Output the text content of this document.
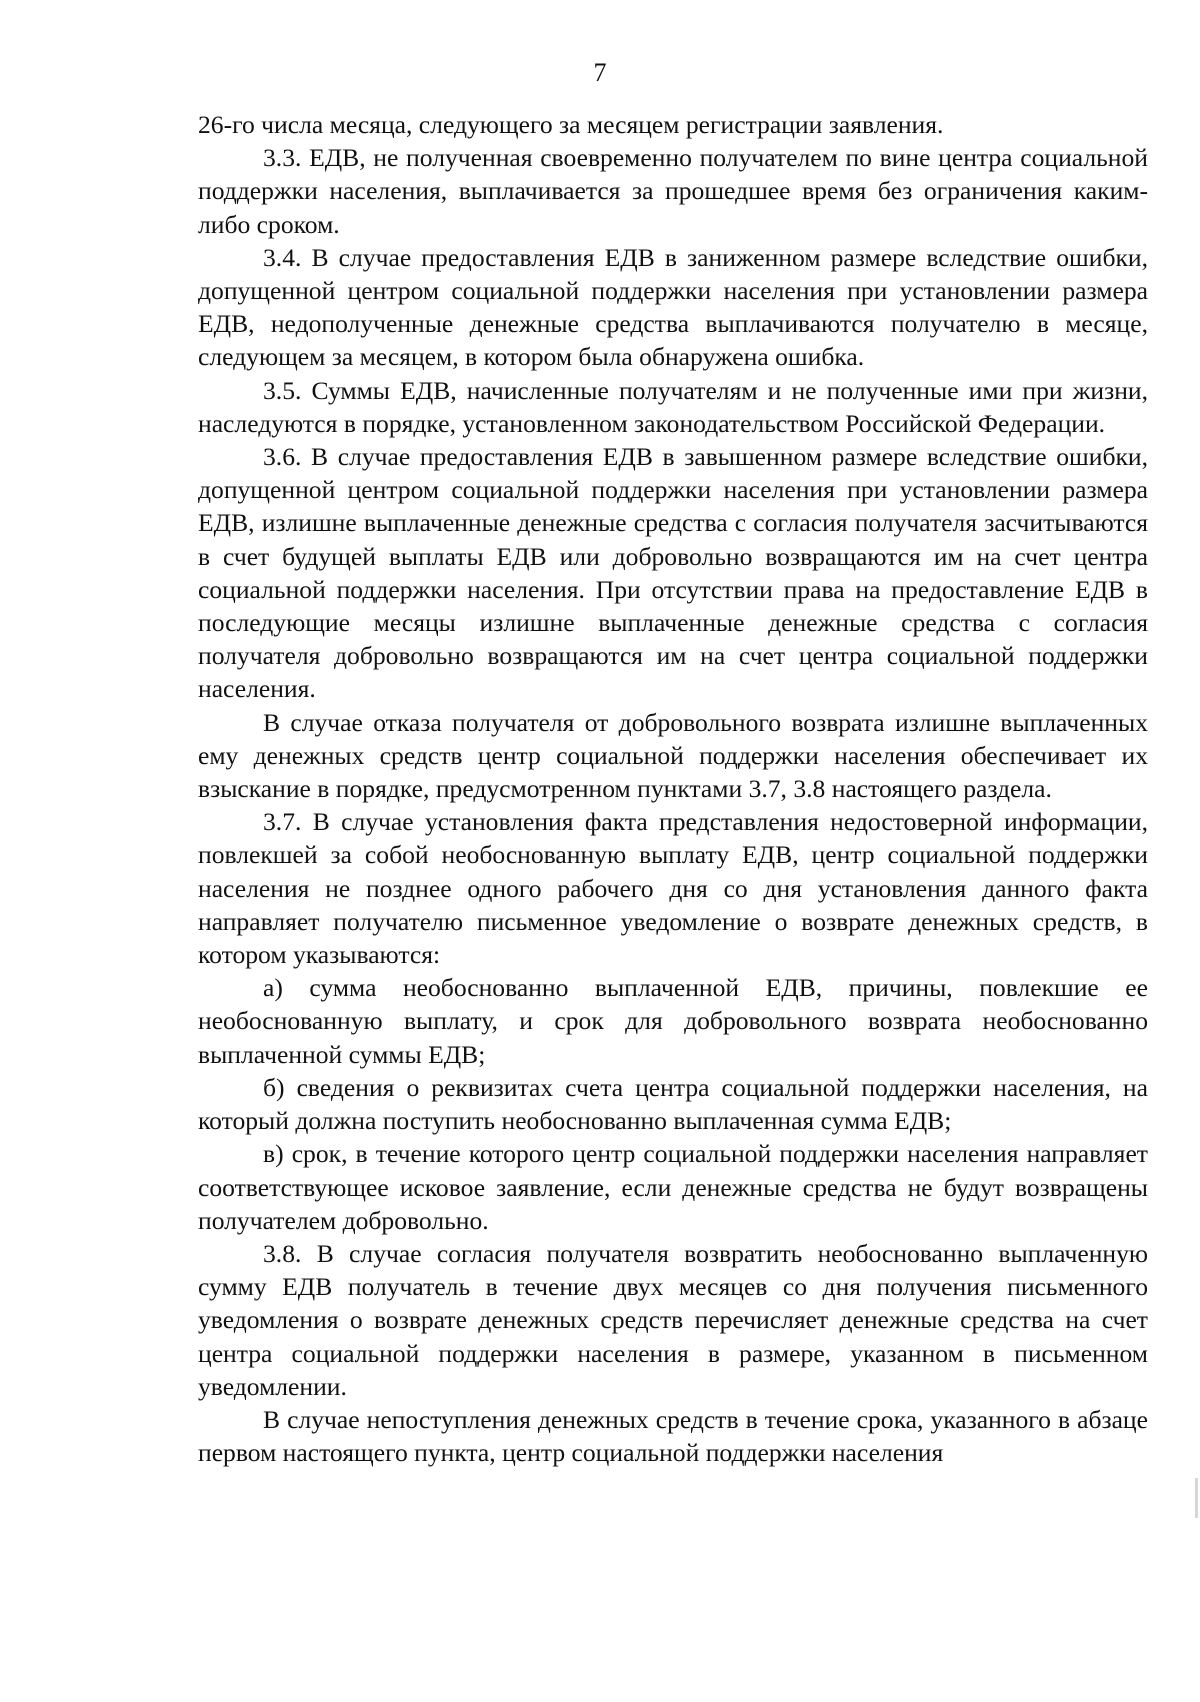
7

26-го числа месяца, следующего за месяцем регистрации заявления.

3.3. ЕДВ, не полученная своевременно получателем по вине центра социальной поддержки населения, выплачивается за прошедшее время без ограничения каким-либо сроком.

3.4. В случае предоставления ЕДВ в заниженном размере вследствие ошибки, допущенной центром социальной поддержки населения при установлении размера ЕДВ, недополученные денежные средства выплачиваются получателю в месяце, следующем за месяцем, в котором была обнаружена ошибка.

3.5. Суммы ЕДВ, начисленные получателям и не полученные ими при жизни, наследуются в порядке, установленном законодательством Российской Федерации.

3.6. В случае предоставления ЕДВ в завышенном размере вследствие ошибки, допущенной центром социальной поддержки населения при установлении размера ЕДВ, излишне выплаченные денежные средства с согласия получателя засчитываются в счет будущей выплаты ЕДВ или добровольно возвращаются им на счет центра социальной поддержки населения. При отсутствии права на предоставление ЕДВ в последующие месяцы излишне выплаченные денежные средства с согласия получателя добровольно возвращаются им на счет центра социальной поддержки населения.

В случае отказа получателя от добровольного возврата излишне выплаченных ему денежных средств центр социальной поддержки населения обеспечивает их взыскание в порядке, предусмотренном пунктами 3.7, 3.8 настоящего раздела.

3.7. В случае установления факта представления недостоверной информации, повлекшей за собой необоснованную выплату ЕДВ, центр социальной поддержки населения не позднее одного рабочего дня со дня установления данного факта направляет получателю письменное уведомление о возврате денежных средств, в котором указываются:

а) сумма необоснованно выплаченной ЕДВ, причины, повлекшие ее необоснованную выплату, и срок для добровольного возврата необоснованно выплаченной суммы ЕДВ;

б) сведения о реквизитах счета центра социальной поддержки населения, на который должна поступить необоснованно выплаченная сумма ЕДВ;

в) срок, в течение которого центр социальной поддержки населения направляет соответствующее исковое заявление, если денежные средства не будут возвращены получателем добровольно.

3.8. В случае согласия получателя возвратить необоснованно выплаченную сумму ЕДВ получатель в течение двух месяцев со дня получения письменного уведомления о возврате денежных средств перечисляет денежные средства на счет центра социальной поддержки населения в размере, указанном в письменном уведомлении.

В случае непоступления денежных средств в течение срока, указанного в абзаце первом настоящего пункта, центр социальной поддержки населения
